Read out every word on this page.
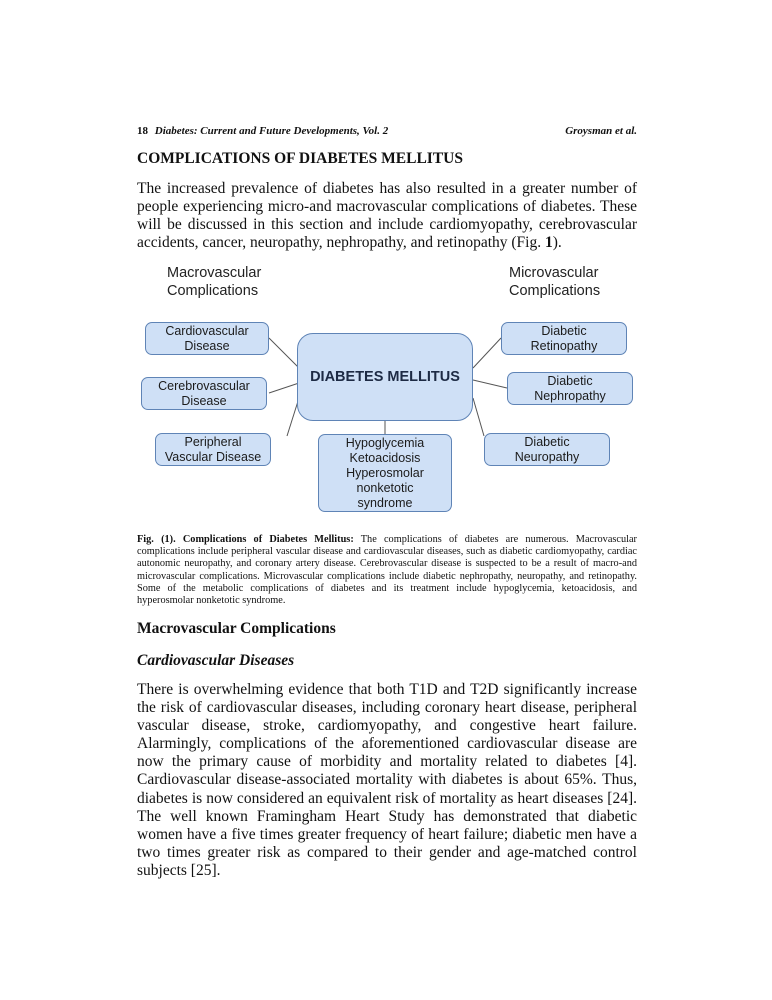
18 Diabetes: Current and Future Developments, Vol. 2	Groysman et al.
COMPLICATIONS OF DIABETES MELLITUS

The increased prevalence of diabetes has also resulted in a greater number of people experiencing micro-and macrovascular complications of diabetes. These will be discussed in this section and include cardiomyopathy, cerebrovascular accidents, cancer, neuropathy, nephropathy, and retinopathy (Fig. 1).

Macrovascular
Complications
Microvascular
Complications
Cardiovascular
Disease
Cerebrovascular
Disease
Peripheral
Vascular Disease
DIABETES MELLITUS
Hypoglycemia
Ketoacidosis
Hyperosmolar
nonketotic
syndrome
Diabetic
Retinopathy
Diabetic
Nephropathy
Diabetic
Neuropathy

Fig. (1). Complications of Diabetes Mellitus: The complications of diabetes are numerous. Macrovascular complications include peripheral vascular disease and cardiovascular diseases, such as diabetic cardiomyopathy, cardiac autonomic neuropathy, and coronary artery disease. Cerebrovascular disease is suspected to be a result of macro-and microvascular complications. Microvascular complications include diabetic nephropathy, neuropathy, and retinopathy. Some of the metabolic complications of diabetes and its treatment include hypoglycemia, ketoacidosis, and hyperosmolar nonketotic syndrome.

Macrovascular Complications
Cardiovascular Diseases

There is overwhelming evidence that both T1D and T2D significantly increase the risk of cardiovascular diseases, including coronary heart disease, peripheral vascular disease, stroke, cardiomyopathy, and congestive heart failure. Alarmingly, complications of the aforementioned cardiovascular disease are now the primary cause of morbidity and mortality related to diabetes [4]. Cardiovascular disease-associated mortality with diabetes is about 65%. Thus, diabetes is now considered an equivalent risk of mortality as heart diseases [24]. The well known Framingham Heart Study has demonstrated that diabetic women have a five times greater frequency of heart failure; diabetic men have a two times greater risk as compared to their gender and age-matched control subjects [25].
